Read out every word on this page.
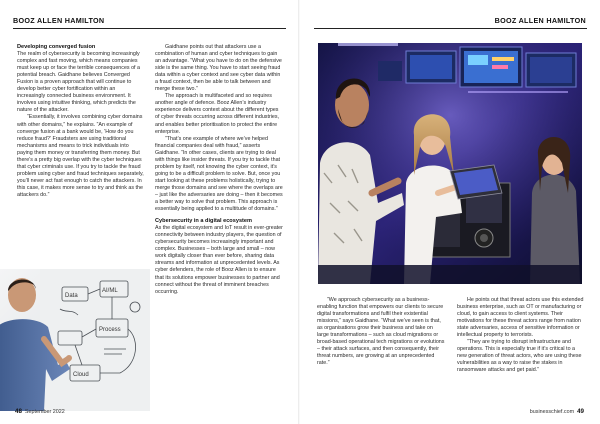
BOOZ ALLEN HAMILTON
Developing converged fusion

The realm of cybersecurity is becoming increasingly complex and fast moving, which means companies must keep up or face the terrible consequences of a potential breach. Gaidhane believes Converged Fusion is a proven approach that will continue to develop better cyber fortification within an increasingly connected business environment. It involves using intuitive thinking, which predicts the nature of the attacker.

“Essentially, it involves combining cyber domains with other domains,” he explains. “An example of converge fusion at a bank would be, ‘How do you reduce fraud?’ Fraudsters are using traditional mechanisms and means to trick individuals into paying them money or transferring them money. But there’s a pretty big overlap with the cyber techniques that cyber criminals use. If you try to tackle the fraud problem using cyber and fraud techniques separately, you’ll never act fast enough to catch the attackers. In this case, it makes more sense to try and think as the attackers do.”

Gaidhane points out that attackers use a combination of human and cyber techniques to gain an advantage. “What you have to do on the defensive side is the same thing. You have to start seeing fraud data within a cyber context and see cyber data within a fraud context, then be able to talk between and merge these two.”

The approach is multifaceted and so requires another angle of defence. Booz Allen’s industry experience delivers context about the different types of cyber threats occurring across different industries, and enables better prioritisation to protect the entire enterprise.

“That’s one example of where we’ve helped financial companies deal with fraud,” asserts Gaidhane. “In other cases, clients are trying to deal with things like insider threats. If you try to tackle that problem by itself, not knowing the cyber context, it’s going to be a difficult problem to solve. But, once you start looking at these problems holistically, trying to merge those domains and see where the overlaps are – just like the adversaries are doing – then it becomes a better way to solve that problem. This approach is essentially being applied to a multitude of domains.”

Cybersecurity in a digital ecosystem

As the digital ecosystem and IoT result in ever-greater connectivity between industry players, the question of cybersecurity becomes increasingly important and complex. Businesses – both large and small – now work digitally closer than ever before, sharing data streams and information at unprecedented levels. As cyber defenders, the role of Booz Allen is to ensure that its solutions empower businesses to partner and connect without the threat of imminent breaches occurring.

AI/ML
Data
Process
Cloud
48 September 2022
BOOZ ALLEN HAMILTON

“We approach cybersecurity as a business-enabling function that empowers our clients to secure digital transformations and fulfil their existential missions,” says Gaidhane. “What we’ve seen is that, as organisations grow their business and take on large transformations – such as cloud migrations or broad-based operational tech migrations or evolutions – their attack surfaces, and then consequently, their threat numbers, are growing at an unprecedented rate.”

He points out that threat actors use this extended business enterprise, such as OT or manufacturing or cloud, to gain access to client systems. Their motivations for these threat actors range from nation state adversaries, access of sensitive information or intellectual property to terrorists.

“They are trying to disrupt infrastructure and operations. This is especially true if it’s critical to a new generation of threat actors, who are using these vulnerabilities as a way to raise the stakes in ransomware attacks and get paid.”

businesschief.com 49
